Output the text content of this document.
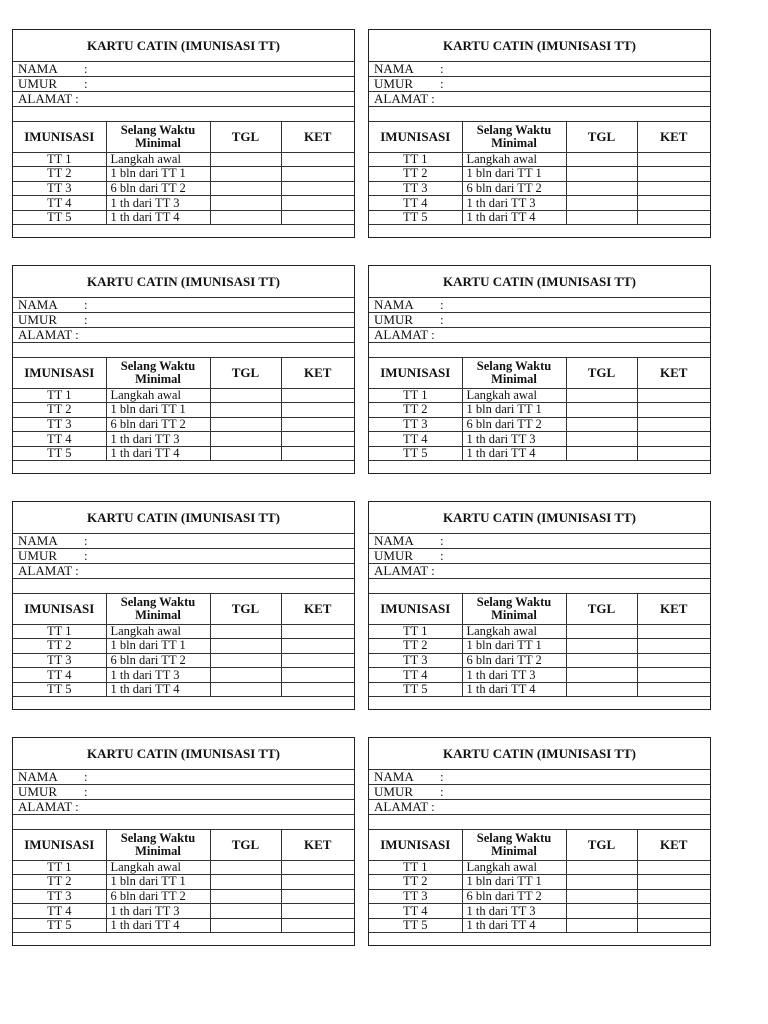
KARTU CATIN (IMUNISASI TT)
NAMA :
UMUR :
ALAMAT :
IMUNISASI	Selang Waktu Minimal	TGL	KET
TT 1	Langkah awal		
TT 2	1 bln dari TT 1		
TT 3	6 bln dari TT 2		
TT 4	1 th dari TT 3		
TT 5	1 th dari TT 4		
KARTU CATIN (IMUNISASI TT)
NAMA :
UMUR :
ALAMAT :
IMUNISASI	Selang Waktu Minimal	TGL	KET
TT 1	Langkah awal		
TT 2	1 bln dari TT 1		
TT 3	6 bln dari TT 2		
TT 4	1 th dari TT 3		
TT 5	1 th dari TT 4		
KARTU CATIN (IMUNISASI TT)
NAMA :
UMUR :
ALAMAT :
IMUNISASI	Selang Waktu Minimal	TGL	KET
TT 1	Langkah awal		
TT 2	1 bln dari TT 1		
TT 3	6 bln dari TT 2		
TT 4	1 th dari TT 3		
TT 5	1 th dari TT 4		
KARTU CATIN (IMUNISASI TT)
NAMA :
UMUR :
ALAMAT :
IMUNISASI	Selang Waktu Minimal	TGL	KET
TT 1	Langkah awal		
TT 2	1 bln dari TT 1		
TT 3	6 bln dari TT 2		
TT 4	1 th dari TT 3		
TT 5	1 th dari TT 4		
KARTU CATIN (IMUNISASI TT)
NAMA :
UMUR :
ALAMAT :
IMUNISASI	Selang Waktu Minimal	TGL	KET
TT 1	Langkah awal		
TT 2	1 bln dari TT 1		
TT 3	6 bln dari TT 2		
TT 4	1 th dari TT 3		
TT 5	1 th dari TT 4		
KARTU CATIN (IMUNISASI TT)
NAMA :
UMUR :
ALAMAT :
IMUNISASI	Selang Waktu Minimal	TGL	KET
TT 1	Langkah awal		
TT 2	1 bln dari TT 1		
TT 3	6 bln dari TT 2		
TT 4	1 th dari TT 3		
TT 5	1 th dari TT 4		
KARTU CATIN (IMUNISASI TT)
NAMA :
UMUR :
ALAMAT :
IMUNISASI	Selang Waktu Minimal	TGL	KET
TT 1	Langkah awal		
TT 2	1 bln dari TT 1		
TT 3	6 bln dari TT 2		
TT 4	1 th dari TT 3		
TT 5	1 th dari TT 4		
KARTU CATIN (IMUNISASI TT)
NAMA :
UMUR :
ALAMAT :
IMUNISASI	Selang Waktu Minimal	TGL	KET
TT 1	Langkah awal		
TT 2	1 bln dari TT 1		
TT 3	6 bln dari TT 2		
TT 4	1 th dari TT 3		
TT 5	1 th dari TT 4		
